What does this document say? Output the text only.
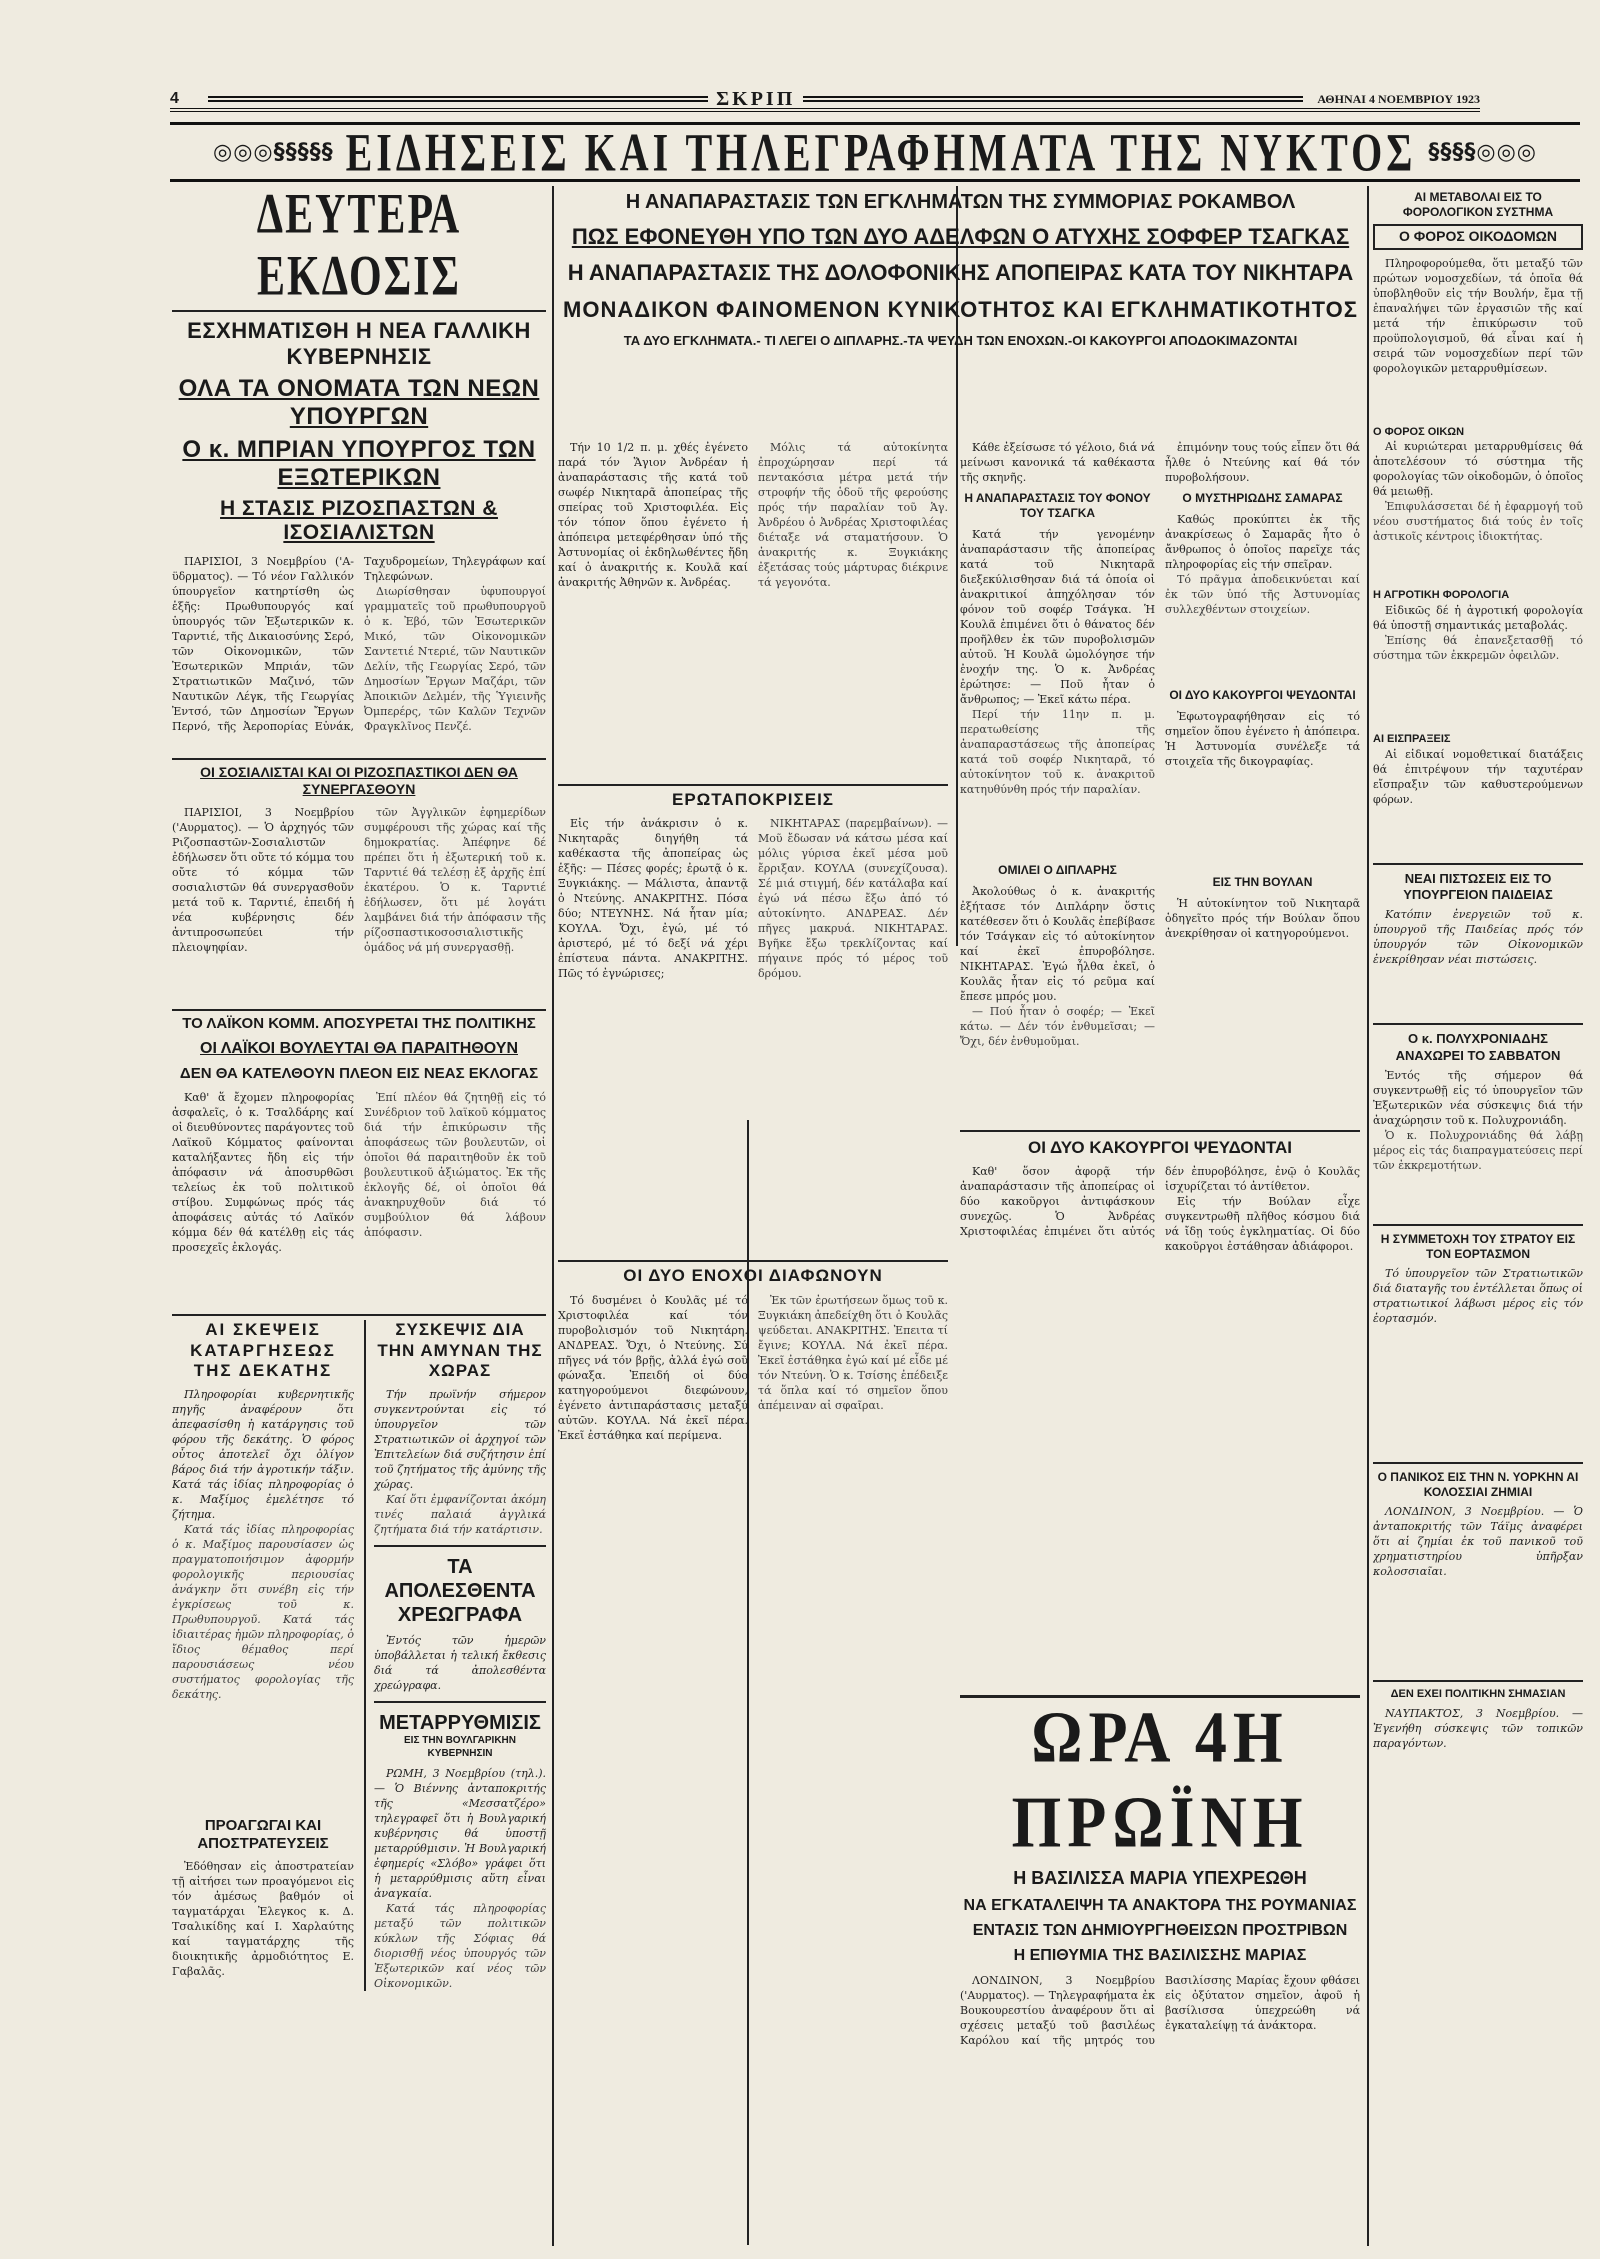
4	ΣΚΡΙΠ	ΑΘΗΝΑΙ 4 ΝΟΕΜΒΡΙΟΥ 1923
◎◎◎§§§§§ ΕΙΔΗΣΕΙΣ ΚΑΙ ΤΗΛΕΓΡΑΦΗΜΑΤΑ ΤΗΣ ΝΥΚΤΟΣ §§§§◎◎◎
ΔΕΥΤΕΡΑ ΕΚΔΟΣΙΣ
ΕΣΧΗΜΑΤΙΣΘΗ Η ΝΕΑ ΓΑΛΛΙΚΗ ΚΥΒΕΡΝΗΣΙΣ
ΟΛΑ ΤΑ ΟΝΟΜΑΤΑ ΤΩΝ ΝΕΩΝ ΥΠΟΥΡΓΩΝ
Ο κ. ΜΠΡΙΑΝ ΥΠΟΥΡΓΟΣ ΤΩΝ ΕΞΩΤΕΡΙΚΩΝ
Η ΣΤΑΣΙΣ ΡΙΖΟΣΠΑΣΤΩΝ & ΙΣΟΣΙΑΛΙΣΤΩΝ

ΠΑΡΙΣΙΟΙ, 3 Νοεμβρίου ('Α-ϋδρματος). — Τό νέον Γαλλικόν ύπουργεῖον κατηρτίσθη ὡς ἑξῆς: Πρωθυπουργός καί ὑπουργός τῶν Ἐξωτερικῶν κ. Ταρντιέ, τῆς Δικαιοσύνης Σερό, τῶν Οἰκονομικῶν, τῶν Ἐσωτερικῶν Μπριάν, τῶν Στρατιωτικῶν Μαζινό, τῶν Ναυτικῶν Λέγκ, τῆς Γεωργίας Ἐντσό, τῶν Δημοσίων Ἔργων Περνό, τῆς Ἀεροπορίας Εὐνάκ, Ταχυδρομείων, Τηλεγράφων καί Τηλεφώνων.

Διωρίσθησαν ὑφυπουργοί γραμματεῖς τοῦ πρωθυπουργοῦ ὁ κ. Ἐβό, τῶν Ἐσωτερικῶν Μικό, τῶν Οἰκονομικῶν Σαντετιέ Ντεριέ, τῶν Ναυτικῶν Δελίν, τῆς Γεωργίας Σερό, τῶν Δημοσίων Ἔργων Μαζάρι, τῶν Ἀποικιῶν Δελμέν, τῆς Ὑγιεινῆς Ὀμπερέρς, τῶν Καλῶν Τεχνῶν Φραγκλῖνος Πενζέ.

ΟΙ ΣΟΣΙΑΛΙΣΤΑΙ ΚΑΙ ΟΙ ΡΙΖΟΣΠΑΣΤΙΚΟΙ ΔΕΝ ΘΑ ΣΥΝΕΡΓΑΣΘΟΥΝ

ΠΑΡΙΣΙΟΙ, 3 Νοεμβρίου ('Αυρματος). — Ὁ ἀρχηγός τῶν Ριζοσπαστῶν-Σοσιαλιστῶν ἐδήλωσεν ὅτι οὔτε τό κόμμα του οὔτε τό κόμμα τῶν σοσιαλιστῶν θά συνεργασθοῦν μετά τοῦ κ. Ταρντιέ, ἐπειδή ἡ νέα κυβέρνησις δέν ἀντιπροσωπεύει τήν πλειοψηφίαν.

τῶν Ἀγγλικῶν ἐφημερίδων συμφέρουσι τῆς χώρας καί τῆς δημοκρατίας. Ἀπέφηνε δέ πρέπει ὅτι ἡ ἐξωτερική τοῦ κ. Ταρντιέ θά τελέσῃ ἐξ ἀρχῆς ἐπί ἑκατέρου. Ὁ κ. Ταρντιέ ἐδήλωσεν, ὅτι μέ λογάτι λαμβάνει διά τήν ἀπόφασιν τῆς ρίζοσπαστικοσοσιαλιστικῆς ὁμάδος νά μή συνεργασθῇ.

ΤΟ ΛΑΪΚΟΝ ΚΟΜΜ. ΑΠΟΣΥΡΕΤΑΙ ΤΗΣ ΠΟΛΙΤΙΚΗΣ
ΟΙ ΛΑΪΚΟΙ ΒΟΥΛΕΥΤΑΙ ΘΑ ΠΑΡΑΙΤΗΘΟΥΝ
ΔΕΝ ΘΑ ΚΑΤΕΛΘΟΥΝ ΠΛΕΟΝ ΕΙΣ ΝΕΑΣ ΕΚΛΟΓΑΣ

Καθ' ἅ ἔχομεν πληροφορίας ἀσφαλεῖς, ὁ κ. Τσαλδάρης καί οἱ διευθύνοντες παράγοντες τοῦ Λαϊκοῦ Κόμματος φαίνονται καταλήξαντες ἤδη εἰς τήν ἀπόφασιν νά ἀποσυρθῶσι τελείως ἐκ τοῦ πολιτικοῦ στίβου. Συμφώνως πρός τάς ἀποφάσεις αὐτάς τό Λαϊκόν κόμμα δέν θά κατέλθῃ εἰς τάς προσεχεῖς ἐκλογάς.

Ἐπί πλέον θά ζητηθῇ εἰς τό Συνέδριον τοῦ λαϊκοῦ κόμματος διά τήν ἐπικύρωσιν τῆς ἀποφάσεως τῶν βουλευτῶν, οἱ ὁποῖοι θά παραιτηθοῦν ἐκ τοῦ βουλευτικοῦ ἀξιώματος. Ἐκ τῆς ἐκλογῆς δέ, οἱ ὁποῖοι θά ἀνακηρυχθοῦν διά τό συμβούλιον θά λάβουν ἀπόφασιν.

ΑΙ ΣΚΕΨΕΙΣ ΚΑΤΑΡΓΗΣΕΩΣ ΤΗΣ ΔΕΚΑΤΗΣ

Πληροφορίαι κυβερνητικῆς πηγῆς ἀναφέρουν ὅτι ἀπεφασίσθη ἡ κατάργησις τοῦ φόρου τῆς δεκάτης. Ὁ φόρος οὗτος ἀποτελεῖ ὄχι ὀλίγον βάρος διά τήν ἀγροτικήν τάξιν. Κατά τάς ἰδίας πληροφορίας ὁ κ. Μαξίμος ἐμελέτησε τό ζήτημα.

Κατά τάς ἰδίας πληροφορίας ὁ κ. Μαξίμος παρουσίασεν ὡς πραγματοποιήσιμον ἀφορμήν φορολογικῆς περιουσίας ἀνάγκην ὅτι συνέβη εἰς τήν ἐγκρίσεως τοῦ κ. Πρωθυπουργοῦ. Κατά τάς ἰδιαιτέρας ἡμῶν πληροφορίας, ὁ ἴδιος θέμαθος περί παρουσιάσεως νέου συστήματος φορολογίας τῆς δεκάτης.

ΠΡΟΑΓΩΓΑΙ ΚΑΙ ΑΠΟΣΤΡΑΤΕΥΣΕΙΣ

Ἐδόθησαν εἰς ἀποστρατείαν τῇ αἰτήσει των προαγόμενοι εἰς τόν ἀμέσως βαθμόν οἱ ταγματάρχαι Ἐλεγκος κ. Δ. Τσαλικίδης καί Ι. Χαρλαύτης καί ταγματάρχης τῆς διοικητικῆς ἀρμοδιότητος Ε. Γαβαλᾶς.

ΣΥΣΚΕΨΙΣ ΔΙΑ ΤΗΝ ΑΜΥΝΑΝ ΤΗΣ ΧΩΡΑΣ

Τήν πρωϊνήν σήμερον συγκεντρούνται εἰς τό ὑπουργεῖον τῶν Στρατιωτικῶν οἱ ἀρχηγοί τῶν Ἐπιτελείων διά συζήτησιν ἐπί τοῦ ζητήματος τῆς ἀμύνης τῆς χώρας.

Καί ὅτι ἐμφανίζονται ἀκόμη τινές παλαιά ἀγγλικά ζητήματα διά τήν κατάρτισιν.

ΤΑ ΑΠΟΛΕΣΘΕΝΤΑ ΧΡΕΩΓΡΑΦΑ

Ἐντός τῶν ἡμερῶν ὑποβάλλεται ἡ τελική ἔκθεσις διά τά ἀπολεσθέντα χρεώγραφα.

ΜΕΤΑΡΡΥΘΜΙΣΙΣ
ΕΙΣ ΤΗΝ ΒΟΥΛΓΑΡΙΚΗΝ ΚΥΒΕΡΝΗΣΙΝ

ΡΩΜΗ, 3 Νοεμβρίου (τηλ.). — Ὁ Βιέννης ἀνταποκριτής τῆς «Μεσσατζέρο» τηλεγραφεῖ ὅτι ἡ Βουλγαρική κυβέρνησις θά ὑποστῇ μεταρρύθμισιν. Ἡ Βουλγαρική ἐφημερίς «Σλόβο» γράφει ὅτι ἡ μεταρρύθμισις αὕτη εἶναι ἀναγκαία.

Κατά τάς πληροφορίας μεταξύ τῶν πολιτικῶν κύκλων τῆς Σόφιας θά διορισθῇ νέος ὑπουργός τῶν Ἐξωτερικῶν καί νέος τῶν Οἰκονομικῶν.

Η ΑΝΑΠΑΡΑΣΤΑΣΙΣ ΤΩΝ ΕΓΚΛΗΜΑΤΩΝ ΤΗΣ ΣΥΜΜΟΡΙΑΣ ΡΟΚΑΜΒΟΛ
ΠΩΣ ΕΦΟΝΕΥΘΗ ΥΠΟ ΤΩΝ ΔΥΟ ΑΔΕΛΦΩΝ Ο ΑΤΥΧΗΣ ΣΟΦΦΕΡ ΤΣΑΓΚΑΣ
Η ΑΝΑΠΑΡΑΣΤΑΣΙΣ ΤΗΣ ΔΟΛΟΦΟΝΙΚΗΣ ΑΠΟΠΕΙΡΑΣ ΚΑΤΑ ΤΟΥ ΝΙΚΗΤΑΡΑ
ΜΟΝΑΔΙΚΟΝ ΦΑΙΝΟΜΕΝΟΝ ΚΥΝΙΚΟΤΗΤΟΣ ΚΑΙ ΕΓΚΛΗΜΑΤΙΚΟΤΗΤΟΣ
ΤΑ ΔΥΟ ΕΓΚΛΗΜΑΤΑ.- ΤΙ ΛΕΓΕΙ Ο ΔΙΠΛΑΡΗΣ.-ΤΑ ΨΕΥΔΗ ΤΩΝ ΕΝΟΧΩΝ.-ΟΙ ΚΑΚΟΥΡΓΟΙ ΑΠΟΔΟΚΙΜΑΖΟΝΤΑΙ

Τήν 10 1/2 π. μ. χθές ἐγένετο παρά τόν Ἅγιον Ἀνδρέαν ἡ ἀναπαράστασις τῆς κατά τοῦ σωφέρ Νικηταρᾶ ἀποπείρας τῆς σπείρας τοῦ Χριστοφιλέα. Εἰς τόν τόπον ὅπου ἐγένετο ἡ ἀπόπειρα μετεφέρθησαν ὑπό τῆς Ἀστυνομίας οἱ ἐκδηλωθέντες ἤδη καί ὁ ἀνακριτής κ. Κουλᾶ καί ἀνακριτής Ἀθηνῶν κ. Ἀνδρέας.

Μόλις τά αὐτοκίνητα ἐπροχώρησαν περί τά πεντακόσια μέτρα μετά τήν στροφήν τῆς ὁδοῦ τῆς φερούσης πρός τήν παραλίαν τοῦ Ἁγ. Ἀνδρέου ὁ Ἀνδρέας Χριστοφιλέας διέταξε νά σταματήσουν. Ὁ ἀνακριτής κ. Ξυγκιάκης ἐξετάσας τούς μάρτυρας διέκρινε τά γεγονότα.

ΕΡΩΤΑΠΟΚΡΙΣΕΙΣ

Εἰς τήν ἀνάκρισιν ὁ κ. Νικηταρᾶς διηγήθη τά καθέκαστα τῆς ἀποπείρας ὡς ἑξῆς: — Πέσες φορές; ἐρωτᾷ ὁ κ. Ξυγκιάκης. — Μάλιστα, ἀπαντᾷ ὁ Ντεύνης. ΑΝΑΚΡΙΤΗΣ. Πόσα δύο; ΝΤΕΥΝΗΣ. Νά ἦταν μία; ΚΟΥΛΑ. Ὄχι, ἐγώ, μέ τό ἀριστερό, μέ τό δεξί νά χέρι ἐπίστευα πάντα. ΑΝΑΚΡΙΤΗΣ. Πῶς τό ἐγνώρισες;

ΝΙΚΗΤΑΡΑΣ (παρεμβαίνων). — Μοῦ ἔδωσαν νά κάτσω μέσα καί μόλις γύρισα ἐκεῖ μέσα μοῦ ἔρριξαν. ΚΟΥΛΑ (συνεχίζουσα). Σέ μιά στιγμή, δέν κατάλαβα καί ἐγώ νά πέσω ἔξω ἀπό τό αὐτοκίνητο. ΑΝΔΡΕΑΣ. Δέν πῆγες μακρυά. ΝΙΚΗΤΑΡΑΣ. Βγῆκε ἔξω τρεκλίζοντας καί πήγαινε πρός τό μέρος τοῦ δρόμου.

ΟΙ ΔΥΟ ΕΝΟΧΟΙ ΔΙΑΦΩΝΟΥΝ

Τό δυσμένει ὁ Κουλᾶς μέ τό Χριστοφιλέα καί τόν πυροβολισμόν τοῦ Νικητάρη. ΑΝΔΡΕΑΣ. Ὄχι, ὁ Ντεύνης. Σύ πῆγες νά τόν βρῇς, ἀλλά ἐγώ σοῦ φώναξα. Ἐπειδή οἱ δύο κατηγορούμενοι διεφώνουν, ἐγένετο ἀντιπαράστασις μεταξύ αὐτῶν. ΚΟΥΛΑ. Νά ἐκεῖ πέρα. Ἐκεῖ ἐστάθηκα καί περίμενα.

Ἐκ τῶν ἐρωτήσεων ὅμως τοῦ κ. Ξυγκιάκη ἀπεδείχθη ὅτι ὁ Κουλᾶς ψεύδεται. ΑΝΑΚΡΙΤΗΣ. Ἐπειτα τί ἔγινε; ΚΟΥΛΑ. Νά ἐκεῖ πέρα. Ἐκεῖ ἐστάθηκα ἐγώ καί μέ εἶδε μέ τόν Ντεύνη. Ὁ κ. Τσίσης ἐπέδειξε τά ὅπλα καί τό σημεῖον ὅπου ἀπέμειναν αἱ σφαῖραι.

Κάθε ἐξείσωσε τό γέλοιο, διά νά μείνωσι κανονικά τά καθέκαστα τῆς σκηνῆς.

Η ΑΝΑΠΑΡΑΣΤΑΣΙΣ ΤΟΥ ΦΟΝΟΥ ΤΟΥ ΤΣΑΓΚΑ

Κατά τήν γενομένην ἀναπαράστασιν τῆς ἀποπείρας κατά τοῦ Νικηταρᾶ διεξεκύλισθησαν διά τά ὁποία οἱ ἀνακριτικοί ἀπηχόλησαν τόν φόνον τοῦ σοφέρ Τσάγκα. Ἡ Κουλᾶ ἐπιμένει ὅτι ὁ θάνατος δέν προῆλθεν ἐκ τῶν πυροβολισμῶν αὐτοῦ. Ἡ Κουλᾶ ὡμολόγησε τήν ἐνοχήν της. Ὁ κ. Ἀνδρέας ἐρώτησε: — Ποῦ ἦταν ὁ ἄνθρωπος; — Ἐκεῖ κάτω πέρα.

Περί τήν 11ην π. μ. περατωθείσης τῆς ἀναπαραστάσεως τῆς ἀποπείρας κατά τοῦ σοφέρ Νικηταρᾶ, τό αὐτοκίνητον τοῦ κ. ἀνακριτοῦ κατηυθύνθη πρός τήν παραλίαν.

ΟΜΙΛΕΙ Ο ΔΙΠΛΑΡΗΣ

Ἀκολούθως ὁ κ. ἀνακριτής ἐξήτασε τόν Διπλάρην ὅστις κατέθεσεν ὅτι ὁ Κουλᾶς ἐπεβίβασε τόν Τσάγκαν εἰς τό αὐτοκίνητον καί ἐκεῖ ἐπυροβόλησε. ΝΙΚΗΤΑΡΑΣ. Ἐγώ ἦλθα ἐκεῖ, ὁ Κουλᾶς ἦταν εἰς τό ρεῦμα καί ἔπεσε μπρός μου.

— Πού ἦταν ὁ σοφέρ; — Ἐκεῖ κάτω. — Δέν τόν ἐνθυμεῖσαι; — Ὄχι, δέν ἐνθυμοῦμαι.

ἐπιμόνην τους τούς εἶπεν ὅτι θά ἦλθε ὁ Ντεύνης καί θά τόν πυροβολήσουν.

Ο ΜΥΣΤΗΡΙΩΔΗΣ ΣΑΜΑΡΑΣ

Καθώς προκύπτει ἐκ τῆς ἀνακρίσεως ὁ Σαμαρᾶς ἦτο ὁ ἄνθρωπος ὁ ὁποῖος παρεῖχε τάς πληροφορίας εἰς τήν σπεῖραν.

Τό πρᾶγμα ἀποδεικνύεται καί ἐκ τῶν ὑπό τῆς Ἀστυνομίας συλλεχθέντων στοιχείων.

ΟΙ ΔΥΟ ΚΑΚΟΥΡΓΟΙ ΨΕΥΔΟΝΤΑΙ

Ἐφωτογραφήθησαν εἰς τό σημεῖον ὅπου ἐγένετο ἡ ἀπόπειρα. Ἡ Ἀστυνομία συνέλεξε τά στοιχεῖα τῆς δικογραφίας.

ΕΙΣ ΤΗΝ ΒΟΥΛΑΝ

Ἡ αὐτοκίνητον τοῦ Νικηταρᾶ ὁδηγεῖτο πρός τήν Βούλαν ὅπου ἀνεκρίθησαν οἱ κατηγορούμενοι.

ΟΙ ΔΥΟ ΚΑΚΟΥΡΓΟΙ ΨΕΥΔΟΝΤΑΙ

Καθ' ὅσον ἀφορᾷ τήν ἀναπαράστασιν τῆς ἀποπείρας οἱ δύο κακοῦργοι ἀντιφάσκουν συνεχῶς. Ὁ Ἀνδρέας Χριστοφιλέας ἐπιμένει ὅτι αὐτός δέν ἐπυροβόλησε, ἐνῷ ὁ Κουλᾶς ἰσχυρίζεται τό ἀντίθετον.

Εἰς τήν Βούλαν εἶχε συγκεντρωθῆ πλῆθος κόσμου διά νά ἴδῃ τούς ἐγκληματίας. Οἱ δύο κακοῦργοι ἐστάθησαν ἀδιάφοροι.

ΩΡΑ 4Η ΠΡΩΪΝΗ
Η ΒΑΣΙΛΙΣΣΑ ΜΑΡΙΑ ΥΠΕΧΡΕΩΘΗ
ΝΑ ΕΓΚΑΤΑΛΕΙΨΗ ΤΑ ΑΝΑΚΤΟΡΑ ΤΗΣ ΡΟΥΜΑΝΙΑΣ
ΕΝΤΑΣΙΣ ΤΩΝ ΔΗΜΙΟΥΡΓΗΘΕΙΣΩΝ ΠΡΟΣΤΡΙΒΩΝ
Η ΕΠΙΘΥΜΙΑ ΤΗΣ ΒΑΣΙΛΙΣΣΗΣ ΜΑΡΙΑΣ

ΛΟΝΔΙΝΟΝ, 3 Νοεμβρίου ('Αυρματος). — Τηλεγραφήματα ἐκ Βουκουρεστίου ἀναφέρουν ὅτι αἱ σχέσεις μεταξύ τοῦ βασιλέως Καρόλου καί τῆς μητρός του Βασιλίσσης Μαρίας ἔχουν φθάσει εἰς ὀξύτατον σημεῖον, ἀφοῦ ἡ βασίλισσα ὑπεχρεώθη νά ἐγκαταλείψῃ τά ἀνάκτορα.

ΑΙ ΜΕΤΑΒΟΛΑΙ ΕΙΣ ΤΟ ΦΟΡΟΛΟΓΙΚΟΝ ΣΥΣΤΗΜΑ
Ο ΦΟΡΟΣ ΟΙΚΟΔΟΜΩΝ

Πληροφορούμεθα, ὅτι μεταξύ τῶν πρώτων νομοσχεδίων, τά ὁποῖα θά ὑποβληθοῦν εἰς τήν Βουλήν, ἔμα τῇ ἐπαναλήψει τῶν ἐργασιῶν τῆς καί μετά τήν ἐπικύρωσιν τοῦ προϋπολογισμοῦ, θά εἶναι καί ἡ σειρά τῶν νομοσχεδίων περί τῶν φορολογικῶν μεταρρυθμίσεων.

Ο ΦΟΡΟΣ ΟΙΚΩΝ

Αἱ κυριώτεραι μεταρρυθμίσεις θά ἀποτελέσουν τό σύστημα τῆς φορολογίας τῶν οἰκοδομῶν, ὁ ὁποῖος θά μειωθῇ.

Ἐπιφυλάσσεται δέ ἡ ἐφαρμογή τοῦ νέου συστήματος διά τούς ἐν τοῖς ἀστικοῖς κέντροις ἰδιοκτήτας.

Η ΑΓΡΟΤΙΚΗ ΦΟΡΟΛΟΓΙΑ

Εἰδικῶς δέ ἡ ἀγροτική φορολογία θά ὑποστῇ σημαντικάς μεταβολάς.

Ἐπίσης θά ἐπανεξετασθῇ τό σύστημα τῶν ἐκκρεμῶν ὀφειλῶν.

ΑΙ ΕΙΣΠΡΑΞΕΙΣ

Αἱ εἰδικαί νομοθετικαί διατάξεις θά ἐπιτρέψουν τήν ταχυτέραν εἴσπραξιν τῶν καθυστερούμενων φόρων.

ΝΕΑΙ ΠΙΣΤΩΣΕΙΣ ΕΙΣ ΤΟ ΥΠΟΥΡΓΕΙΟΝ ΠΑΙΔΕΙΑΣ

Κατόπιν ἐνεργειῶν τοῦ κ. ὑπουργοῦ τῆς Παιδείας πρός τόν ὑπουργόν τῶν Οἰκονομικῶν ἐνεκρίθησαν νέαι πιστώσεις.

Ο κ. ΠΟΛΥΧΡΟΝΙΑΔΗΣ ΑΝΑΧΩΡΕΙ ΤΟ ΣΑΒΒΑΤΟΝ

Ἐντός τῆς σήμερον θά συγκεντρωθῇ εἰς τό ὑπουργεῖον τῶν Ἐξωτερικῶν νέα σύσκεψις διά τήν ἀναχώρησιν τοῦ κ. Πολυχρονιάδη.

Ὁ κ. Πολυχρονιάδης θά λάβῃ μέρος εἰς τάς διαπραγματεύσεις περί τῶν ἐκκρεμοτήτων.

Η ΣΥΜΜΕΤΟΧΗ ΤΟΥ ΣΤΡΑΤΟΥ ΕΙΣ ΤΟΝ ΕΟΡΤΑΣΜΟΝ

Τό ὑπουργεῖον τῶν Στρατιωτικῶν διά διαταγῆς του ἐντέλλεται ὅπως οἱ στρατιωτικοί λάβωσι μέρος εἰς τόν ἑορτασμόν.

Ο ΠΑΝΙΚΟΣ ΕΙΣ ΤΗΝ Ν. ΥΟΡΚΗΝ ΑΙ ΚΟΛΟΣΣΙΑΙ ΖΗΜΙΑΙ

ΛΟΝΔΙΝΟΝ, 3 Νοεμβρίου. — Ὁ ἀνταποκριτής τῶν Τάϊμς ἀναφέρει ὅτι αἱ ζημίαι ἐκ τοῦ πανικοῦ τοῦ χρηματιστηρίου ὑπῆρξαν κολοσσιαῖαι.

ΔΕΝ ΕΧΕΙ ΠΟΛΙΤΙΚΗΝ ΣΗΜΑΣΙΑΝ

ΝΑΥΠΑΚΤΟΣ, 3 Νοεμβρίου. — Ἐγενήθη σύσκεψις τῶν τοπικῶν παραγόντων.
